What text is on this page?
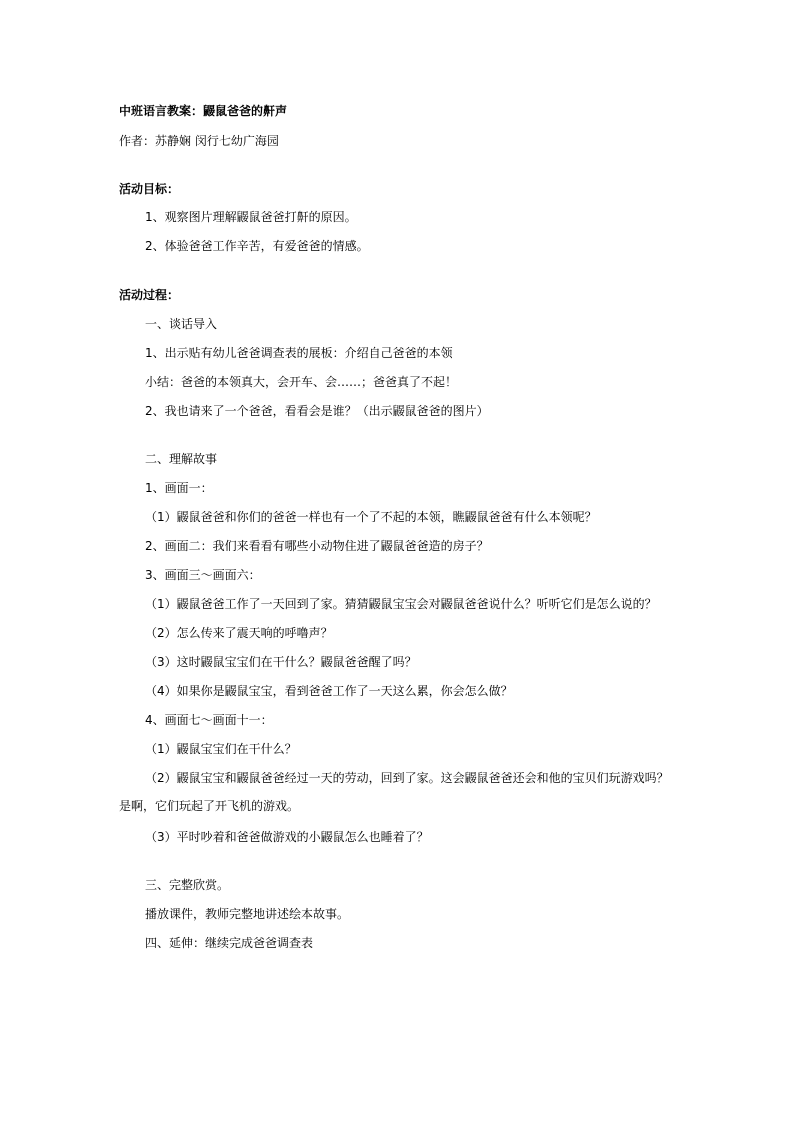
中班语言教案：鼹鼠爸爸的鼾声

作者：苏静娴 闵行七幼广海园

活动目标：

1、观察图片理解鼹鼠爸爸打鼾的原因。

2、体验爸爸工作辛苦，有爱爸爸的情感。

活动过程：

一、谈话导入

1、出示贴有幼儿爸爸调查表的展板：介绍自己爸爸的本领

小结：爸爸的本领真大，会开车、会……；爸爸真了不起！

2、我也请来了一个爸爸，看看会是谁？（出示鼹鼠爸爸的图片）

二、理解故事

1、画面一：

（1）鼹鼠爸爸和你们的爸爸一样也有一个了不起的本领，瞧鼹鼠爸爸有什么本领呢？

2、画面二：我们来看看有哪些小动物住进了鼹鼠爸爸造的房子？

3、画面三～画面六：

（1）鼹鼠爸爸工作了一天回到了家。猜猜鼹鼠宝宝会对鼹鼠爸爸说什么？听听它们是怎么说的？

（2）怎么传来了震天响的呼噜声？

（3）这时鼹鼠宝宝们在干什么？鼹鼠爸爸醒了吗？

（4）如果你是鼹鼠宝宝，看到爸爸工作了一天这么累，你会怎么做？

4、画面七～画面十一：

（1）鼹鼠宝宝们在干什么？

（2）鼹鼠宝宝和鼹鼠爸爸经过一天的劳动，回到了家。这会鼹鼠爸爸还会和他的宝贝们玩游戏吗？是啊，它们玩起了开飞机的游戏。

（3）平时吵着和爸爸做游戏的小鼹鼠怎么也睡着了？

三、完整欣赏。

播放课件，教师完整地讲述绘本故事。

四、延伸：继续完成爸爸调查表
